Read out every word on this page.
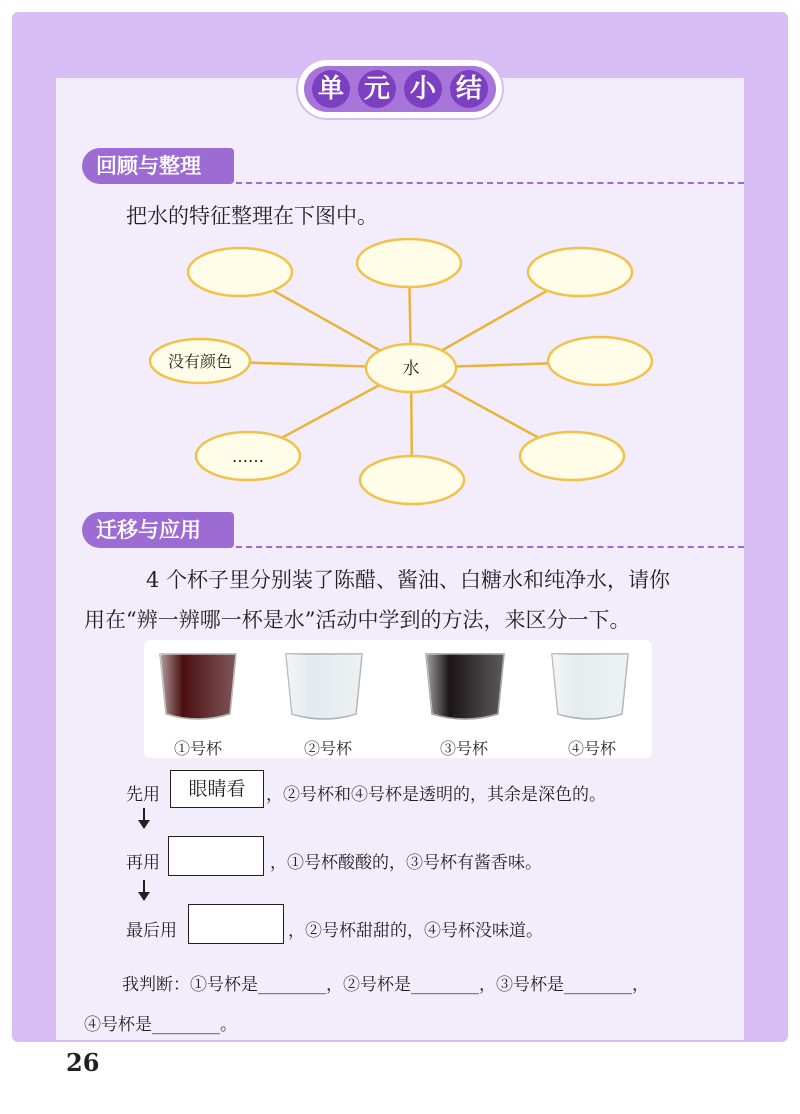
单 元 小 结
回顾与整理
把水的特征整理在下图中。
水
没有颜色
……
迁移与应用
4 个杯子里分别装了陈醋、酱油、白糖水和纯净水，请你
用在“辨一辨哪一杯是水”活动中学到的方法，来区分一下。
①号杯	②号杯	③号杯	④号杯
先用	眼睛看	，②号杯和④号杯是透明的，其余是深色的。
再用	，①号杯酸酸的，③号杯有酱香味。
最后用	，②号杯甜甜的，④号杯没味道。
我判断：①号杯是________，②号杯是________，③号杯是________，
④号杯是________。
26
